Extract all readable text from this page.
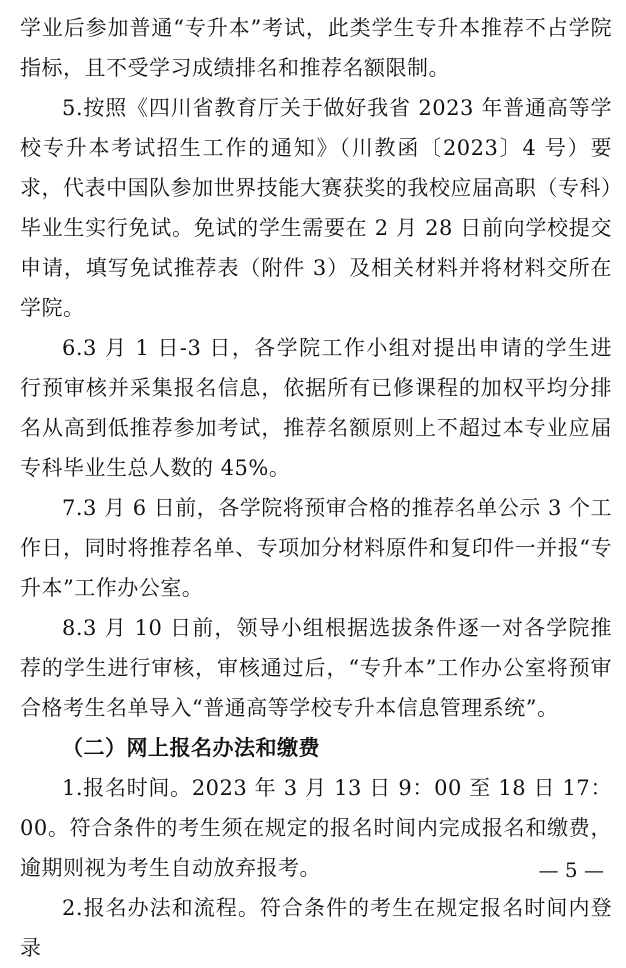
学业后参加普通“专升本”考试，此类学生专升本推荐不占学院指标，且不受学习成绩排名和推荐名额限制。

5.按照《四川省教育厅关于做好我省 2023 年普通高等学校专升本考试招生工作的通知》（川教函〔2023〕4 号）要求，代表中国队参加世界技能大赛获奖的我校应届高职（专科）毕业生实行免试。免试的学生需要在 2 月 28 日前向学校提交申请，填写免试推荐表（附件 3）及相关材料并将材料交所在学院。

6.3 月 1 日-3 日，各学院工作小组对提出申请的学生进行预审核并采集报名信息，依据所有已修课程的加权平均分排名从高到低推荐参加考试，推荐名额原则上不超过本专业应届专科毕业生总人数的 45%。

7.3 月 6 日前，各学院将预审合格的推荐名单公示 3 个工作日，同时将推荐名单、专项加分材料原件和复印件一并报“专升本”工作办公室。

8.3 月 10 日前，领导小组根据选拔条件逐一对各学院推荐的学生进行审核，审核通过后，“专升本”工作办公室将预审合格考生名单导入“普通高等学校专升本信息管理系统”。

（二）网上报名办法和缴费

1.报名时间。2023 年 3 月 13 日 9：00 至 18 日 17：00。符合条件的考生须在规定的报名时间内完成报名和缴费，逾期则视为考生自动放弃报考。

2.报名办法和流程。符合条件的考生在规定报名时间内登录

— 5 —
